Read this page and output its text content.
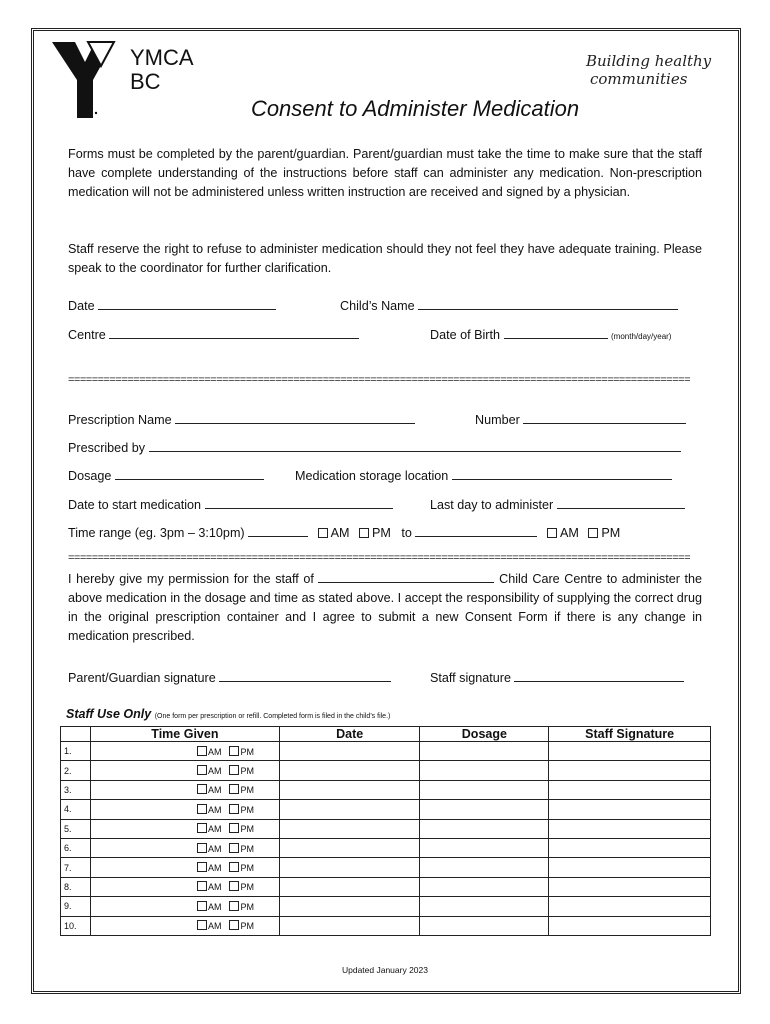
YMCA
BC
Building healthy
communities
Consent to Administer Medication
Forms must be completed by the parent/guardian. Parent/guardian must take the time to make sure that the staff have complete understanding of the instructions before staff can administer any medication. Non-prescription medication will not be administered unless written instruction are received and signed by a physician.
Staff reserve the right to refuse to administer medication should they not feel they have adequate training. Please speak to the coordinator for further clarification.
Date	Child’s Name
Centre	Date of Birth	(month/day/year)
=========================================================================================================
Prescription Name	Number
Prescribed by
Dosage	Medication storage location
Date to start medication	Last day to administer
Time range (eg. 3pm – 3:10pm)	AM PM to	AM PM
=========================================================================================================
I hereby give my permission for the staff of	Child Care Centre to administer the above medication in the dosage and time as stated above. I accept the responsibility of supplying the correct drug in the original prescription container and I agree to submit a new Consent Form if there is any change in medication prescribed.
Parent/Guardian signature	Staff signature
Staff Use Only (One form per prescription or refill. Completed form is filed in the child’s file.)
	Time Given	Date	Dosage	Staff Signature
1.	AM PM			
2.	AM PM			
3.	AM PM			
4.	AM PM			
5.	AM PM			
6.	AM PM			
7.	AM PM			
8.	AM PM			
9.	AM PM			
10.	AM PM			
Updated January 2023
